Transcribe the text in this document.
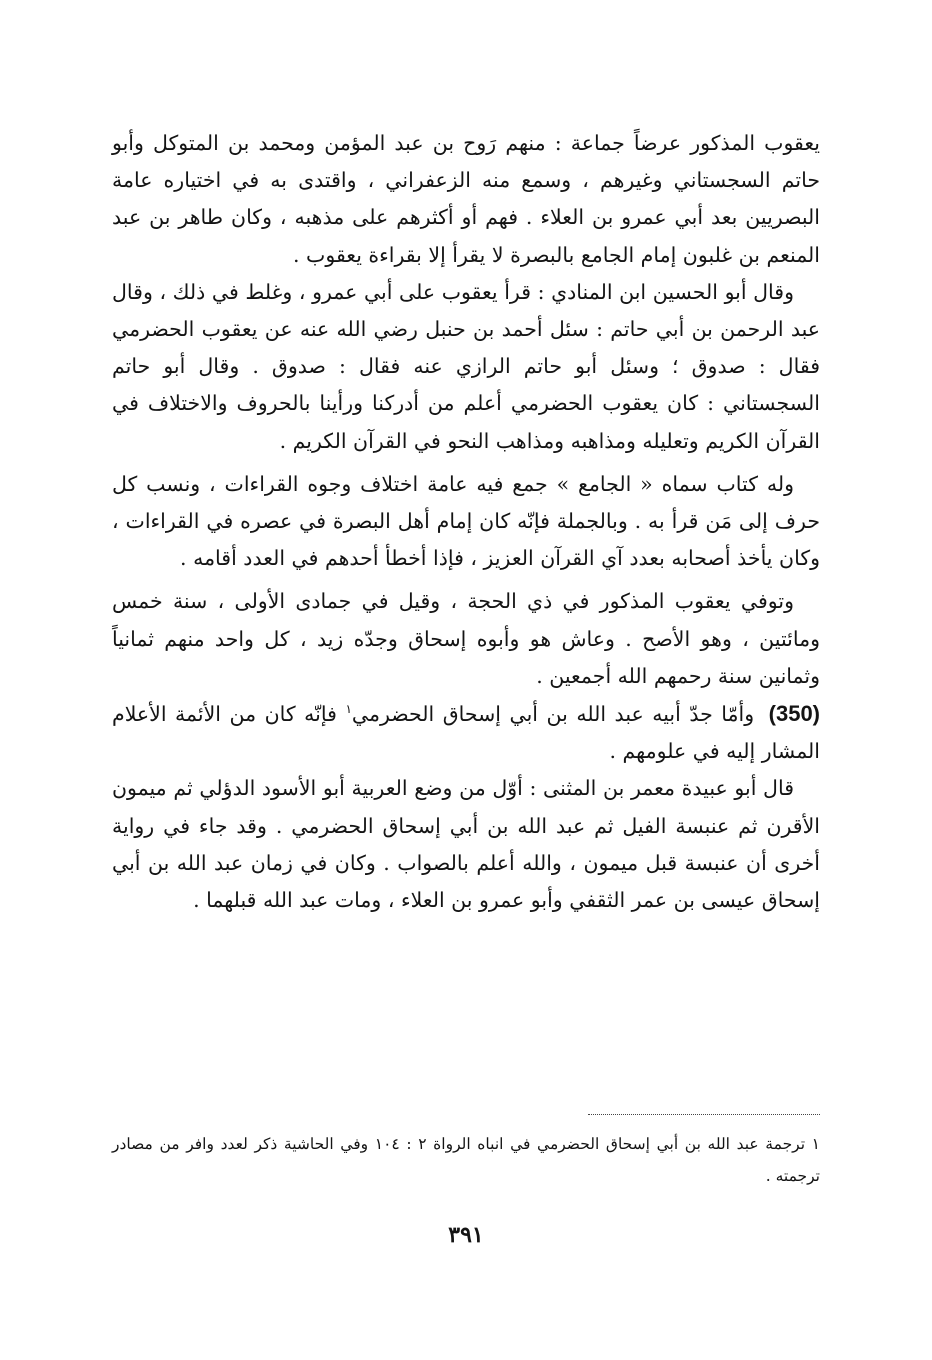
يعقوب المذكور عرضاً جماعة : منهم رَوح بن عبد المؤمن ومحمد بن المتوكل وأبو حاتم السجستاني وغيرهم ، وسمع منه الزعفراني ، واقتدى به في اختياره عامة البصريين بعد أبي عمرو بن العلاء . فهم أو أكثرهم على مذهبه ، وكان طاهر بن عبد المنعم بن غلبون إمام الجامع بالبصرة لا يقرأ إلا بقراءة يعقوب .

وقال أبو الحسين ابن المنادي : قرأ يعقوب على أبي عمرو ، وغلط في ذلك ، وقال عبد الرحمن بن أبي حاتم : سئل أحمد بن حنبل رضي الله عنه عن يعقوب الحضرمي فقال : صدوق ؛ وسئل أبو حاتم الرازي عنه فقال : صدوق . وقال أبو حاتم السجستاني : كان يعقوب الحضرمي أعلم من أدركنا ورأينا بالحروف والاختلاف في القرآن الكريم وتعليله ومذاهبه ومذاهب النحو في القرآن الكريم .

وله كتاب سماه « الجامع » جمع فيه عامة اختلاف وجوه القراءات ، ونسب كل حرف إلى مَن قرأ به . وبالجملة فإنّه كان إمام أهل البصرة في عصره في القراءات ، وكان يأخذ أصحابه بعدد آي القرآن العزيز ، فإذا أخطأ أحدهم في العدد أقامه .

وتوفي يعقوب المذكور في ذي الحجة ، وقيل في جمادى الأولى ، سنة خمس ومائتين ، وهو الأصح . وعاش هو وأبوه إسحاق وجدّه زيد ، كل واحد منهم ثمانياً وثمانين سنة رحمهم الله أجمعين .

(350) وأمّا جدّ أبيه عبد الله بن أبي إسحاق الحضرمي$^١$ فإنّه كان من الأئمة الأعلام المشار إليه في علومهم .

قال أبو عبيدة معمر بن المثنى : أوّل من وضع العربية أبو الأسود الدؤلي ثم ميمون الأقرن ثم عنبسة الفيل ثم عبد الله بن أبي إسحاق الحضرمي . وقد جاء في رواية أخرى أن عنبسة قبل ميمون ، والله أعلم بالصواب . وكان في زمان عبد الله بن أبي إسحاق عيسى بن عمر الثقفي وأبو عمرو بن العلاء ، ومات عبد الله قبلهما .

١ ترجمة عبد الله بن أبي إسحاق الحضرمي في انباه الرواة ٢ : ١٠٤ وفي الحاشية ذكر لعدد وافر من مصادر ترجمته .

٣٩١
